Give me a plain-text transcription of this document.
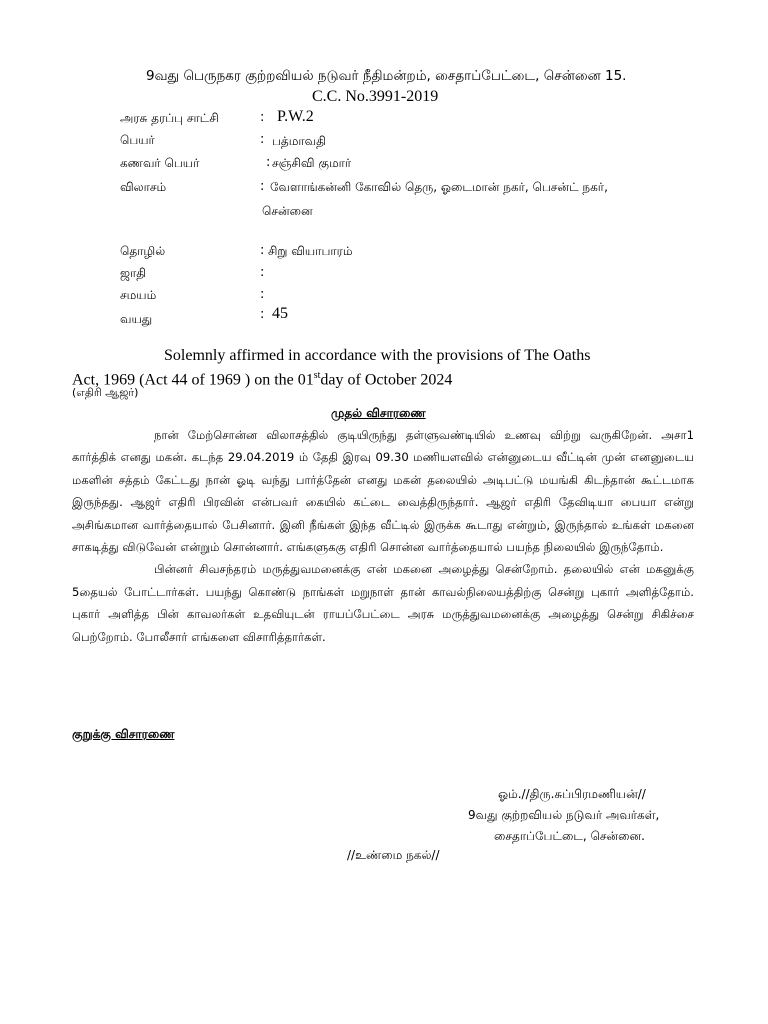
9வது பெருநகர குற்றவியல் நடுவர் நீதிமன்றம், சைதாப்பேட்டை, சென்னை 15.
C.C. No.3991-2019
அரசு தரப்பு சாட்சி	: P.W.2
பெயர்	: பத்மாவதி
கணவர் பெயர்	: சஞ்சிவி குமார்
விலாசம்	: வேளாங்கன்னி கோவில் தெரு, ஓடைமான் நகர், பெசன்ட் நகர்,
சென்னை
தொழில்	: சிறு வியாபாரம்
ஜாதி	:
சமயம்	:
வயது	: 45
Solemnly affirmed in accordance with the provisions of The Oaths
Act, 1969 (Act 44 of 1969 ) on the 01stday of October 2024
(எதிரி ஆஜர்)
முதல் விசாரணை

நான் மேற்சொன்ன விலாசத்தில் குடியிருந்து தள்ளுவண்டியில் உணவு விற்று வருகிறேன். அசா1 கார்த்திக் எனது மகன். கடந்த 29.04.2019 ம் தேதி இரவு 09.30 மணியளவில் என்னுடைய வீட்டின் முன் எனனுடைய மகளின் சத்தம் கேட்டது நான் ஓடி வந்து பார்த்தேன் எனது மகன் தலையில் அடிபட்டு மயங்கி கிடந்தான் கூட்டமாக இருந்தது. ஆஜர் எதிரி பிரவின் என்பவர் கையில் கட்டை வைத்திருந்தார். ஆஜர் எதிரி தேவிடியா பையா என்று அசிங்கமான வார்த்தையால் பேசினார். இனி நீங்கள் இந்த வீட்டில் இருக்க கூடாது என்றும், இருந்தால் உங்கள் மகனை சாகடித்து விடுவேன் என்றும் சொன்னார். எங்களுககு எதிரி சொன்ன வார்த்தையால் பயந்த நிலையில் இருந்தோம்.

பின்னர் சிவசந்தரம் மருத்துவமனைக்கு என் மகனை அழைத்து சென்றோம். தலையில் என் மகனுக்கு 5தையல் போட்டார்கள். பயந்து கொண்டு நாங்கள் மறுநாள் தான் காவல்நிலையத்திற்கு சென்று புகார் அளித்தோம். புகார் அளித்த பின் காவலர்கள் உதவியுடன் ராயப்பேட்டை அரசு மருத்துவமனைக்கு அழைத்து சென்று சிகிச்சை பெற்றோம். போலீசார் எங்களை விசாரித்தார்கள்.

குறுக்கு விசாரணை
ஓம்.//திரு.சுப்பிரமணியன்//
9வது குற்றவியல் நடுவர் அவர்கள்,
சைதாப்பேட்டை, சென்னை.
//உண்மை நகல்//
